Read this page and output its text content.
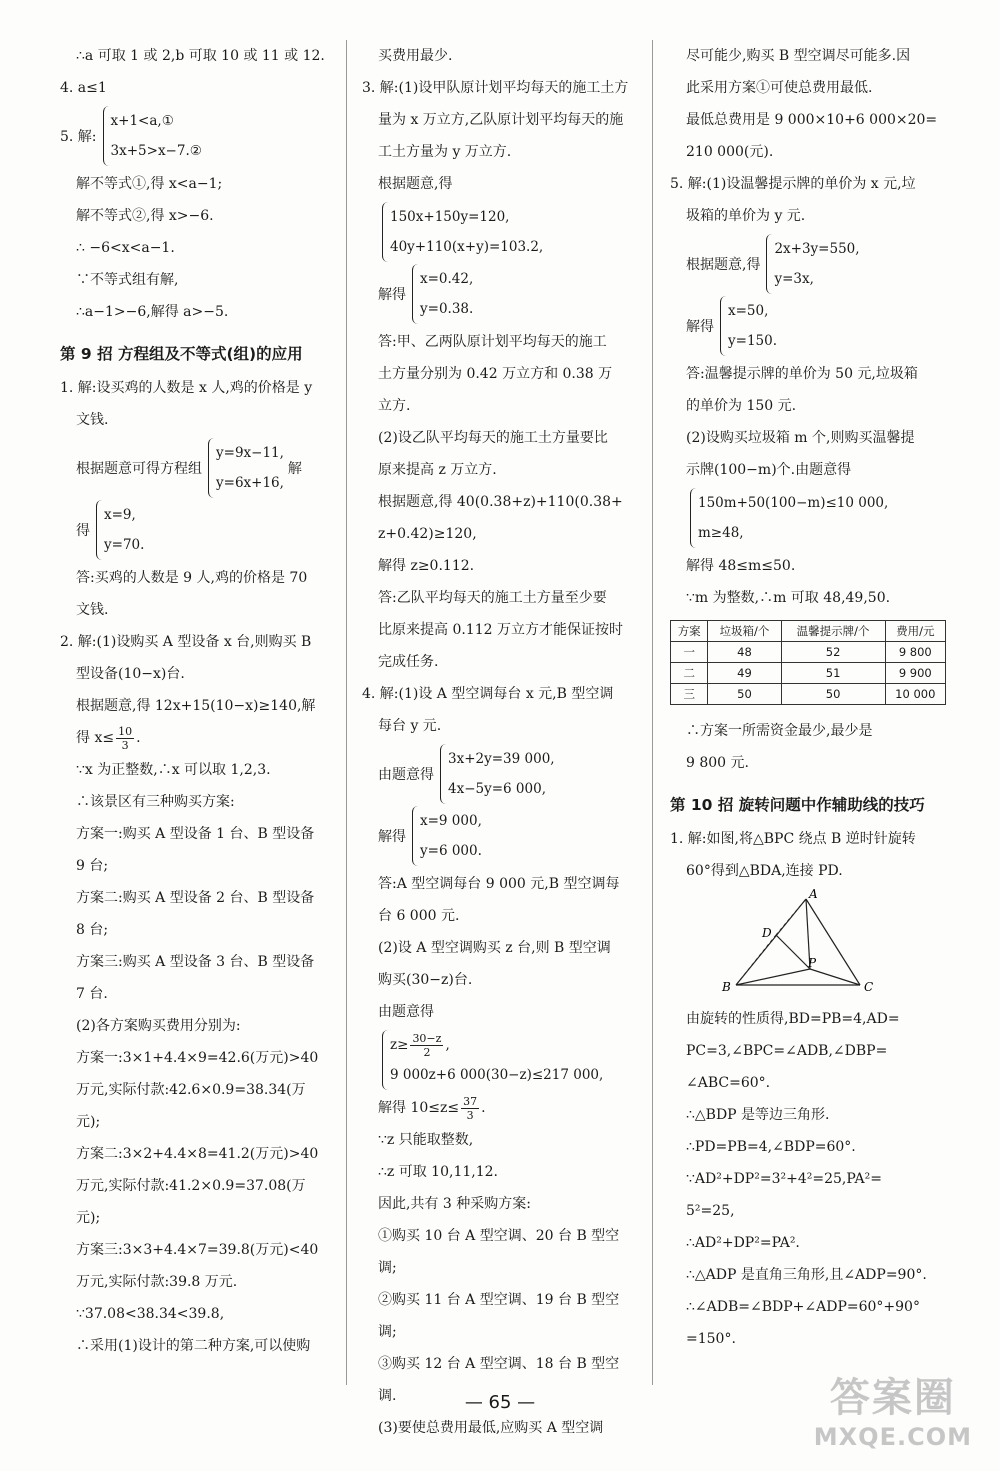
∴a 可取 1 或 2,b 可取 10 或 11 或 12.

4. a≤1

5. 解:
x+1<a,①
3x+5>x−7.②

解不等式①,得 x<a−1;

解不等式②,得 x>−6.

∴ −6<x<a−1.

∵不等式组有解,

∴a−1>−6,解得 a>−5.

第 9 招 方程组及不等式(组)的应用

1. 解:设买鸡的人数是 x 人,鸡的价格是 y

文钱.

根据题意可得方程组
y=9x−11,
y=6x+16,
解
得
x=9,
y=70.

答:买鸡的人数是 9 人,鸡的价格是 70

文钱.

2. 解:(1)设购买 A 型设备 x 台,则购买 B

型设备(10−x)台.

根据题意,得 12x+15(10−x)≥140,解

得 $x\le \frac{10}{3}$ .

∵x 为正整数,∴x 可以取 1,2,3.

∴该景区有三种购买方案:

方案一:购买 A 型设备 1 台、B 型设备

9 台;

方案二:购买 A 型设备 2 台、B 型设备

8 台;

方案三:购买 A 型设备 3 台、B 型设备

7 台.

(2)各方案购买费用分别为:

方案一:3×1+4.4×9=42.6(万元)>40

万元,实际付款:42.6×0.9=38.34(万

元);

方案二:3×2+4.4×8=41.2(万元)>40

万元,实际付款:41.2×0.9=37.08(万

元);

方案三:3×3+4.4×7=39.8(万元)<40

万元,实际付款:39.8 万元.

∵37.08<38.34<39.8,

∴采用(1)设计的第二种方案,可以使购

买费用最少.

3. 解:(1)设甲队原计划平均每天的施工土方

量为 x 万立方,乙队原计划平均每天的施

工土方量为 y 万立方.

根据题意,得

150x+150y=120,
40y+110(x+y)=103.2,
解得
x=0.42,
y=0.38.

答:甲、乙两队原计划平均每天的施工

土方量分别为 0.42 万立方和 0.38 万

立方.

(2)设乙队平均每天的施工土方量要比

原来提高 z 万立方.

根据题意,得 40(0.38+z)+110(0.38+

z+0.42)≥120,

解得 z≥0.112.

答:乙队平均每天的施工土方量至少要

比原来提高 0.112 万立方才能保证按时

完成任务.

4. 解:(1)设 A 型空调每台 x 元,B 型空调

每台 y 元.

由题意得
3x+2y=39 000,
4x−5y=6 000,
解得
x=9 000,
y=6 000.

答:A 型空调每台 9 000 元,B 型空调每

台 6 000 元.

(2)设 A 型空调购买 z 台,则 B 型空调

购买(30−z)台.

由题意得

$z\ge \frac{30-z}{2}$ ,
9 000z+6 000(30−z)≤217 000,

解得 $10\le z\le \frac{37}{3}$ .

∵z 只能取整数,

∴z 可取 10,11,12.

因此,共有 3 种采购方案:

①购买 10 台 A 型空调、20 台 B 型空调;

②购买 11 台 A 型空调、19 台 B 型空调;

③购买 12 台 A 型空调、18 台 B 型空调.

(3)要使总费用最低,应购买 A 型空调

尽可能少,购买 B 型空调尽可能多.因

此采用方案①可使总费用最低.

最低总费用是 9 000×10+6 000×20=

210 000(元).

5. 解:(1)设温馨提示牌的单价为 x 元,垃

圾箱的单价为 y 元.

根据题意,得
2x+3y=550,
y=3x,
解得
x=50,
y=150.

答:温馨提示牌的单价为 50 元,垃圾箱

的单价为 150 元.

(2)设购买垃圾箱 m 个,则购买温馨提

示牌(100−m)个.由题意得

150m+50(100−m)≤10 000,
m≥48,

解得 48≤m≤50.

∵m 为整数,∴m 可取 48,49,50.

方案	垃圾箱/个	温馨提示牌/个	费用/元
一	48	52	9 800
二	49	51	9 900
三	50	50	10 000

∴方案一所需资金最少,最少是

9 800 元.

第 10 招 旋转问题中作辅助线的技巧

1. 解:如图,将△BPC 绕点 B 逆时针旋转

60°得到△BDA,连接 PD.

A
B	C
D
P

由旋转的性质得,BD=PB=4,AD=

PC=3,∠BPC=∠ADB,∠DBP=

∠ABC=60°.

∴△BDP 是等边三角形.

∴PD=PB=4,∠BDP=60°.

∵AD²+DP²=3²+4²=25,PA²=

5²=25,

∴AD²+DP²=PA².

∴△ADP 是直角三角形,且∠ADP=90°.

∴∠ADB=∠BDP+∠ADP=60°+90°

=150°.

— 65 —	答案圈
MXQE.COM
